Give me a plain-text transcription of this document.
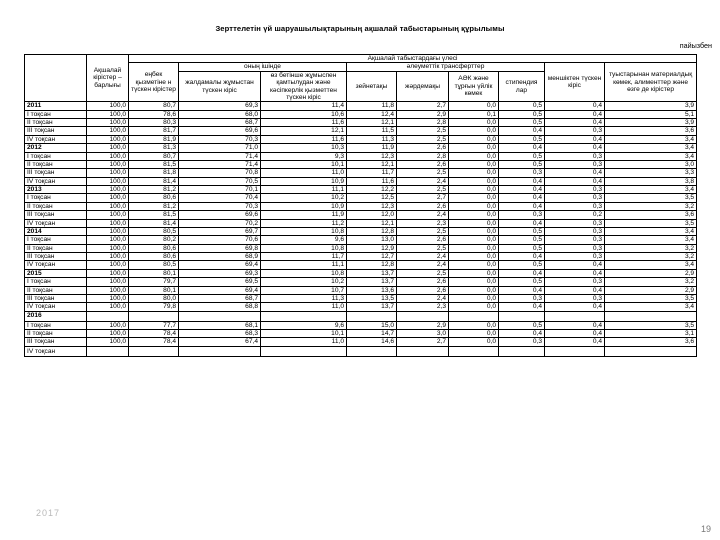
Зерттелетін үй шаруашылықтарының ақшалай табыстарының құрылымы
пайызбен
	Ақшалай кірістер – барлығы	Ақшалай табыстардағы үлесі								
		еңбек қызметіне н түскен кірістер	оның ішінде		әлеуметтік трансферттер				меншіктен түскен кіріс	туыстарынан материалдық көмек, алименттер және өзге де кірістер
			жалдамалы жұмыстан түскен кіріс	өз бетінше жұмыспен қамтылудан және кәсіпкерлік қызметтен түскен кіріс	зейнетақы	жәрдемақы	АӘК және тұрғын үйлік көмек	стипендия лар		

2011	100,0	80,7	69,3	11,4	11,8	2,7	0,0	0,5	0,4	3,9
I тоқсан	100,0	78,6	68,0	10,6	12,4	2,9	0,1	0,5	0,4	5,1
II тоқсан	100,0	80,3	68,7	11,6	12,1	2,8	0,0	0,5	0,4	3,9
III тоқсан	100,0	81,7	69,6	12,1	11,5	2,5	0,0	0,4	0,3	3,6
IV тоқсан	100,0	81,9	70,3	11,6	11,3	2,5	0,0	0,5	0,4	3,4
2012	100,0	81,3	71,0	10,3	11,9	2,6	0,0	0,4	0,4	3,4
I тоқсан	100,0	80,7	71,4	9,3	12,3	2,8	0,0	0,5	0,3	3,4
II тоқсан	100,0	81,5	71,4	10,1	12,1	2,6	0,0	0,5	0,3	3,0
III тоқсан	100,0	81,8	70,8	11,0	11,7	2,5	0,0	0,3	0,4	3,3
IV тоқсан	100,0	81,4	70,5	10,9	11,6	2,4	0,0	0,4	0,4	3,8
2013	100,0	81,2	70,1	11,1	12,2	2,5	0,0	0,4	0,3	3,4
I тоқсан	100,0	80,6	70,4	10,2	12,5	2,7	0,0	0,4	0,3	3,5
II тоқсан	100,0	81,2	70,3	10,9	12,3	2,6	0,0	0,4	0,3	3,2
III тоқсан	100,0	81,5	69,6	11,9	12,0	2,4	0,0	0,3	0,2	3,6
IV тоқсан	100,0	81,4	70,2	11,2	12,1	2,3	0,0	0,4	0,3	3,5
2014	100,0	80,5	69,7	10,8	12,8	2,5	0,0	0,5	0,3	3,4
I тоқсан	100,0	80,2	70,6	9,6	13,0	2,6	0,0	0,5	0,3	3,4
II тоқсан	100,0	80,6	69,8	10,8	12,9	2,5	0,0	0,5	0,3	3,2
III тоқсан	100,0	80,6	68,9	11,7	12,7	2,4	0,0	0,4	0,3	3,2
IV тоқсан	100,0	80,5	69,4	11,1	12,8	2,4	0,0	0,5	0,4	3,4
2015	100,0	80,1	69,3	10,8	13,7	2,5	0,0	0,4	0,4	2,9
I тоқсан	100,0	79,7	69,5	10,2	13,7	2,6	0,0	0,5	0,3	3,2
II тоқсан	100,0	80,1	69,4	10,7	13,6	2,6	0,0	0,4	0,4	2,9
III тоқсан	100,0	80,0	68,7	11,3	13,5	2,4	0,0	0,3	0,3	3,5
IV тоқсан	100,0	79,8	68,8	11,0	13,7	2,3	0,0	0,4	0,4	3,4
2016										
I тоқсан	100,0	77,7	68,1	9,6	15,0	2,9	0,0	0,5	0,4	3,5
II тоқсан	100,0	78,4	68,3	10,1	14,7	3,0	0,0	0,4	0,4	3,1
III тоқсан	100,0	78,4	67,4	11,0	14,6	2,7	0,0	0,3	0,4	3,6
IV тоқсан										
2017
19
